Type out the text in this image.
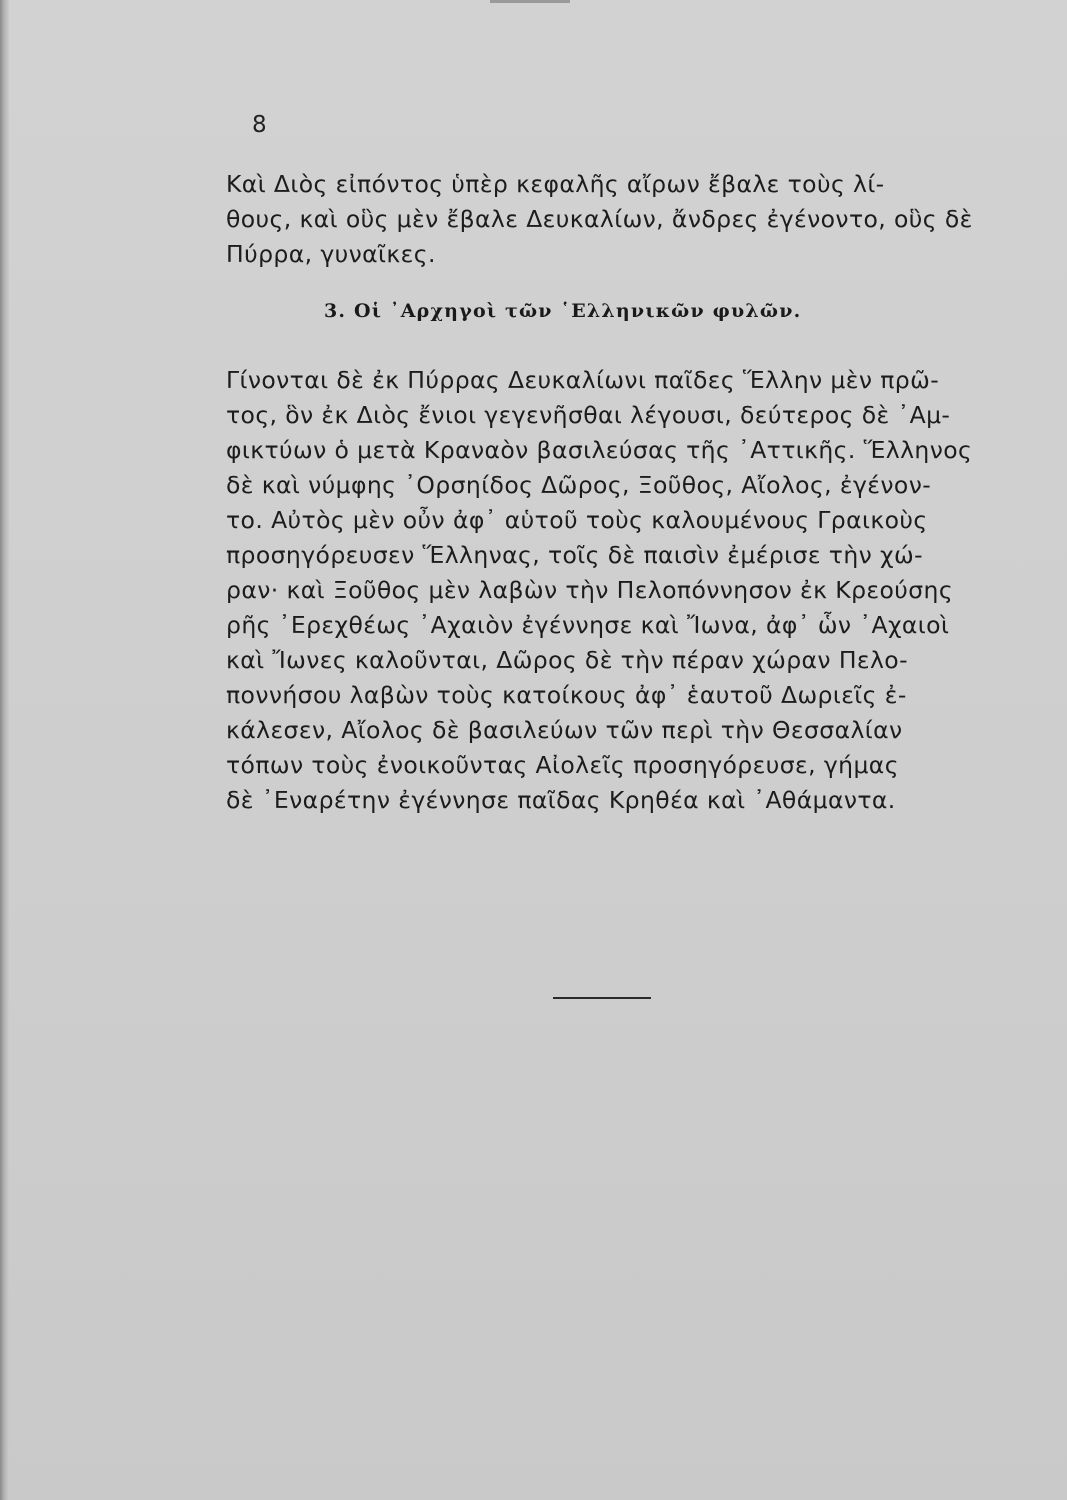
8
Καὶ Διὸς εἰπόντος ὑπὲρ κεφαλῆς αἴρων ἔβαλε τοὺς λί-
θους, καὶ οὓς μὲν ἔβαλε Δευκαλίων, ἄνδρες ἐγένοντο, οὓς δὲ
Πύρρα, γυναῖκες.
3. Οἱ ᾿Αρχηγοὶ τῶν ῾Ελληνικῶν φυλῶν.
Γίνονται δὲ ἐκ Πύρρας Δευκαλίωνι παῖδες Ἕλλην μὲν πρῶ-
τος, ὃν ἐκ Διὸς ἔνιοι γεγενῆσθαι λέγουσι, δεύτερος δὲ ᾿Αμ-
φικτύων ὁ μετὰ Κραναὸν βασιλεύσας τῆς ᾿Αττικῆς. Ἕλληνος
δὲ καὶ νύμφης ᾿Ορσηίδος Δῶρος, Ξοῦθος, Αἴολος, ἐγένον-
το. Αὐτὸς μὲν οὖν ἀφ᾿ αὑτοῦ τοὺς καλουμένους Γραικοὺς
προσηγόρευσεν Ἕλληνας, τοῖς δὲ παισὶν ἐμέρισε τὴν χώ-
ραν· καὶ Ξοῦθος μὲν λαβὼν τὴν Πελοπόννησον ἐκ Κρεούσης
ρῆς ᾿Ερεχθέως ᾿Αχαιὸν ἐγέννησε καὶ Ἴωνα, ἀφ᾿ ὧν ᾿Αχαιοὶ
καὶ Ἴωνες καλοῦνται, Δῶρος δὲ τὴν πέραν χώραν Πελο-
ποννήσου λαβὼν τοὺς κατοίκους ἀφ᾿ ἑαυτοῦ Δωριεῖς ἐ-
κάλεσεν, Αἴολος δὲ βασιλεύων τῶν περὶ τὴν Θεσσαλίαν
τόπων τοὺς ἐνοικοῦντας Αἰολεῖς προσηγόρευσε, γήμας
δὲ ᾿Εναρέτην ἐγέννησε παῖδας Κρηθέα καὶ ᾿Αθάμαντα.
